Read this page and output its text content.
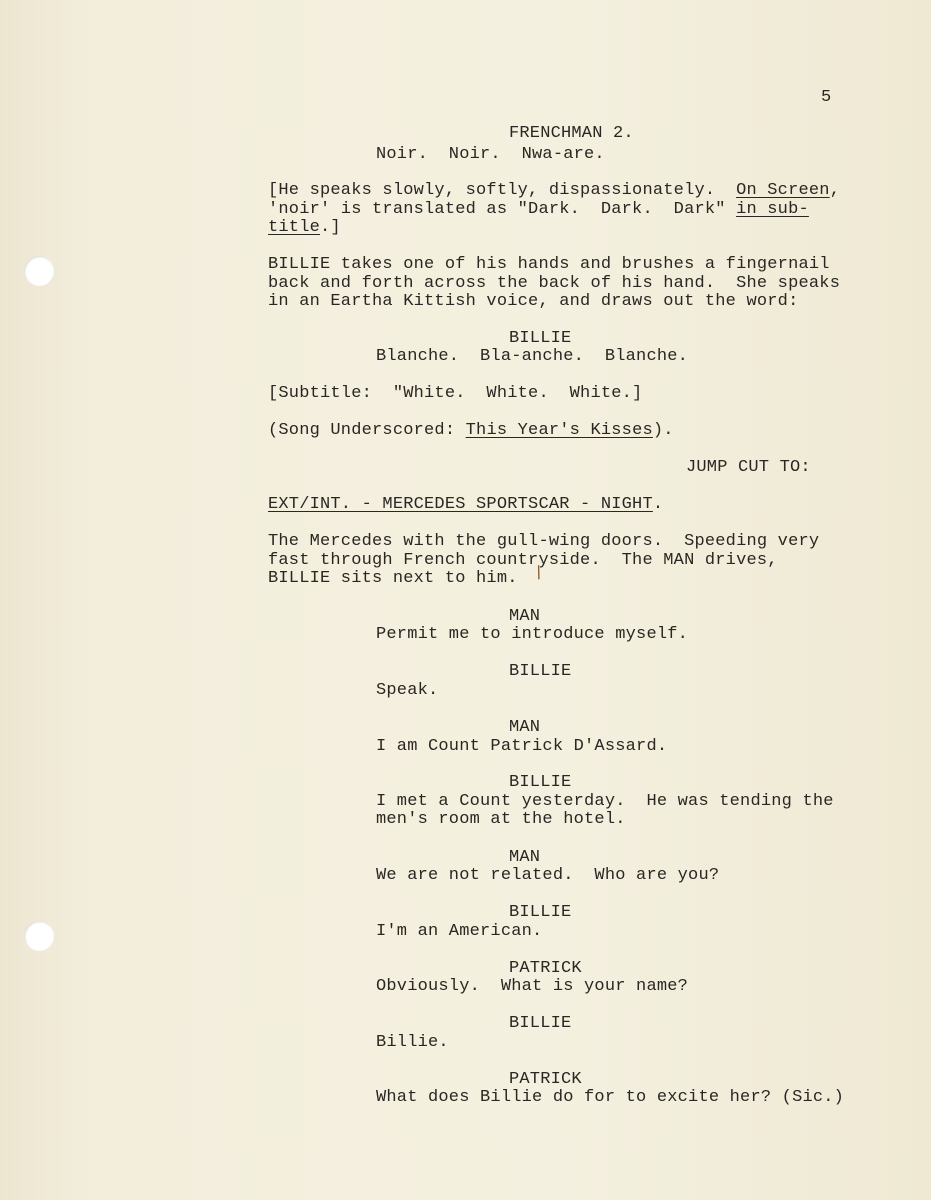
5
FRENCHMAN 2.
Noir.  Noir.  Nwa-are.
[He speaks slowly, softly, dispassionately.  On Screen,
'noir' is translated as "Dark.  Dark.  Dark" in sub-
title.]
BILLIE takes one of his hands and brushes a fingernail
back and forth across the back of his hand.  She speaks
in an Eartha Kittish voice, and draws out the word:
BILLIE
Blanche.  Bla-anche.  Blanche.
[Subtitle:  "White.  White.  White.]
(Song Underscored: This Year's Kisses).
JUMP CUT TO:
EXT/INT. - MERCEDES SPORTSCAR - NIGHT.
The Mercedes with the gull-wing doors.  Speeding very
fast through French countryside.  The MAN drives,
BILLIE sits next to him. /
MAN
Permit me to introduce myself.
BILLIE
Speak.
MAN
I am Count Patrick D'Assard.
BILLIE
I met a Count yesterday.  He was tending the
men's room at the hotel.
MAN
We are not related.  Who are you?
BILLIE
I'm an American.
PATRICK
Obviously.  What is your name?
BILLIE
Billie.
PATRICK
What does Billie do for to excite her? (Sic.)
